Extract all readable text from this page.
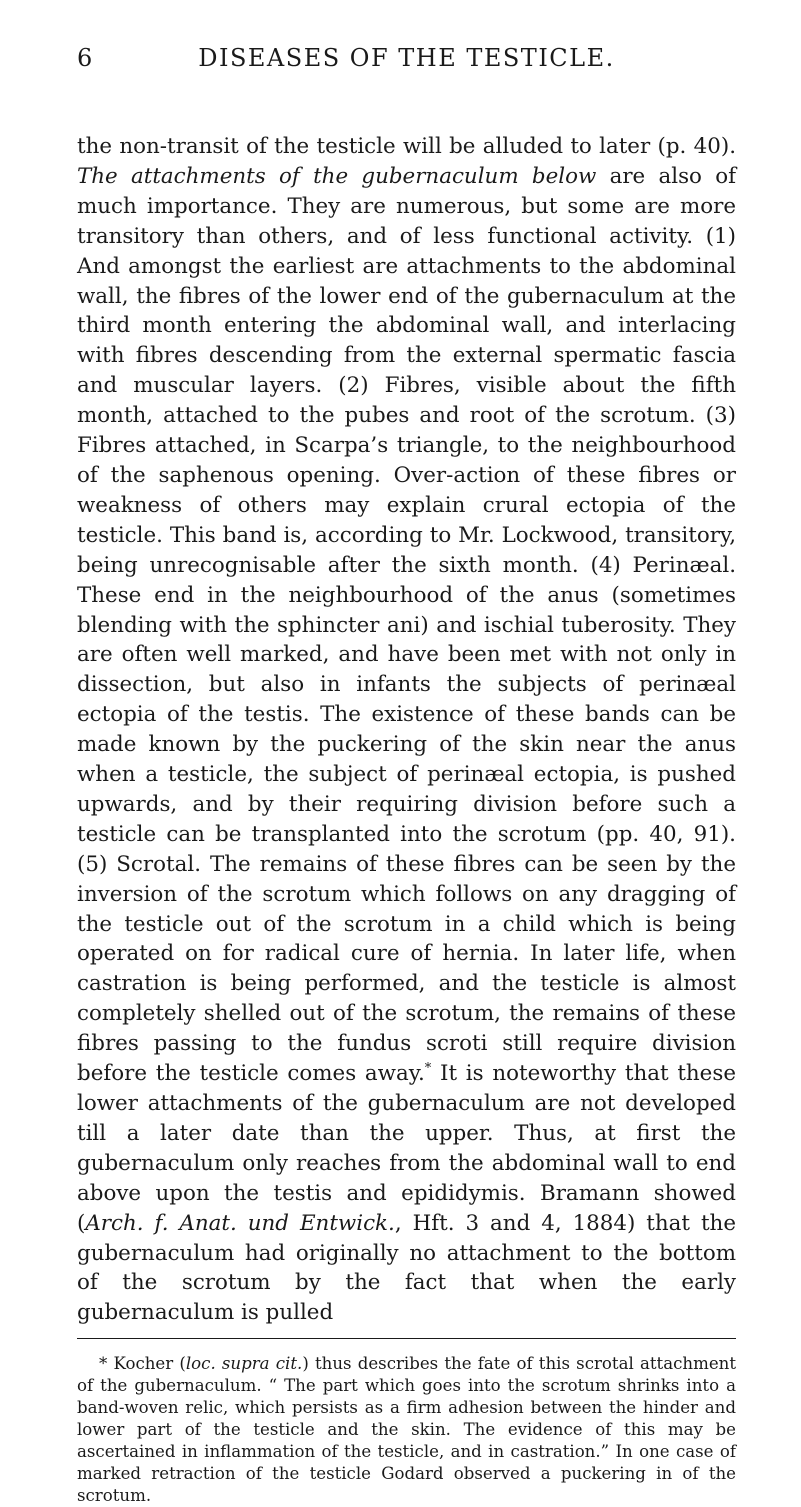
6	DISEASES OF THE TESTICLE.

the non-transit of the testicle will be alluded to later (p. 40). The attachments of the gubernaculum below are also of much importance. They are numerous, but some are more transitory than others, and of less functional activity. (1) And amongst the earliest are attachments to the abdominal wall, the fibres of the lower end of the gubernaculum at the third month entering the abdominal wall, and interlacing with fibres descending from the external spermatic fascia and muscular layers. (2) Fibres, visible about the fifth month, attached to the pubes and root of the scrotum. (3) Fibres attached, in Scarpa’s triangle, to the neighbourhood of the saphenous opening. Over-action of these fibres or weakness of others may explain crural ectopia of the testicle. This band is, according to Mr. Lockwood, transitory, being unrecognisable after the sixth month. (4) Perinæal. These end in the neighbourhood of the anus (sometimes blending with the sphincter ani) and ischial tuberosity. They are often well marked, and have been met with not only in dissection, but also in infants the subjects of perinæal ectopia of the testis. The existence of these bands can be made known by the puckering of the skin near the anus when a testicle, the subject of perinæal ectopia, is pushed upwards, and by their requiring division before such a testicle can be transplanted into the scrotum (pp. 40, 91). (5) Scrotal. The remains of these fibres can be seen by the inversion of the scrotum which follows on any dragging of the testicle out of the scrotum in a child which is being operated on for radical cure of hernia. In later life, when castration is being performed, and the testicle is almost completely shelled out of the scrotum, the remains of these fibres passing to the fundus scroti still require division before the testicle comes away.* It is noteworthy that these lower attachments of the gubernaculum are not developed till a later date than the upper. Thus, at first the gubernaculum only reaches from the abdominal wall to end above upon the testis and epididymis. Bramann showed (Arch. f. Anat. und Entwick., Hft. 3 and 4, 1884) that the gubernaculum had originally no attachment to the bottom of the scrotum by the fact that when the early gubernaculum is pulled

* Kocher (loc. supra cit.) thus describes the fate of this scrotal attachment of the gubernaculum. “ The part which goes into the scrotum shrinks into a band-woven relic, which persists as a firm adhesion between the hinder and lower part of the testicle and the skin. The evidence of this may be ascertained in inflammation of the testicle, and in castration.” In one case of marked retraction of the testicle Godard observed a puckering in of the scrotum.
